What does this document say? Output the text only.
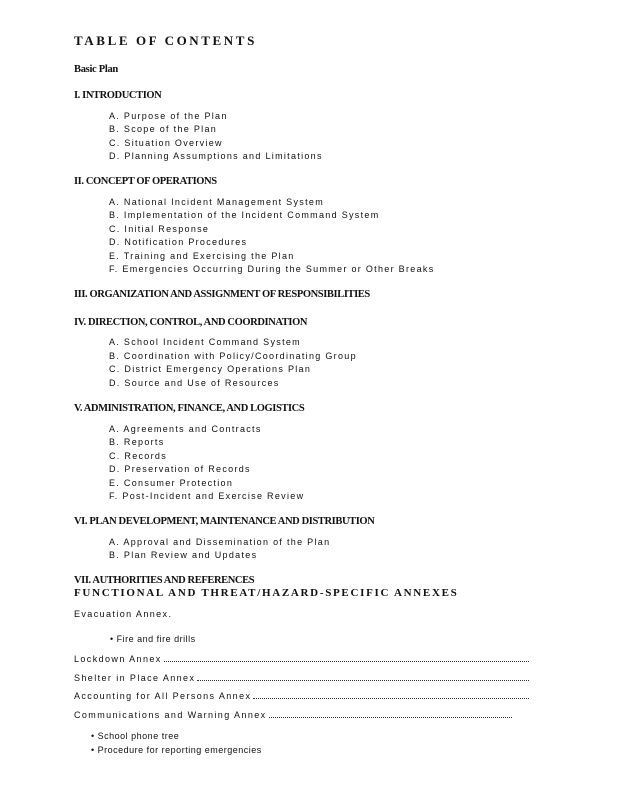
TABLE OF CONTENTS
Basic Plan
I. INTRODUCTION
A. Purpose of the Plan
B. Scope of the Plan
C. Situation Overview
D. Planning Assumptions and Limitations
II. CONCEPT OF OPERATIONS
A. National Incident Management System
B. Implementation of the Incident Command System
C. Initial Response
D. Notification Procedures
E. Training and Exercising the Plan
F. Emergencies Occurring During the Summer or Other Breaks
III. ORGANIZATION AND ASSIGNMENT OF RESPONSIBILITIES
IV. DIRECTION, CONTROL, AND COORDINATION
A. School Incident Command System
B. Coordination with Policy/Coordinating Group
C. District Emergency Operations Plan
D. Source and Use of Resources
V. ADMINISTRATION, FINANCE, AND LOGISTICS
A. Agreements and Contracts
B. Reports
C. Records
D. Preservation of Records
E. Consumer Protection
F. Post-Incident and Exercise Review
VI. PLAN DEVELOPMENT, MAINTENANCE AND DISTRIBUTION
A. Approval and Dissemination of the Plan
B. Plan Review and Updates
VII. AUTHORITIES AND REFERENCES
FUNCTIONAL AND THREAT/HAZARD-SPECIFIC ANNEXES
Evacuation Annex.
• Fire and fire drills
Lockdown Annex
Shelter in Place Annex
Accounting for All Persons Annex
Communications and Warning Annex
• School phone tree
• Procedure for reporting emergencies
